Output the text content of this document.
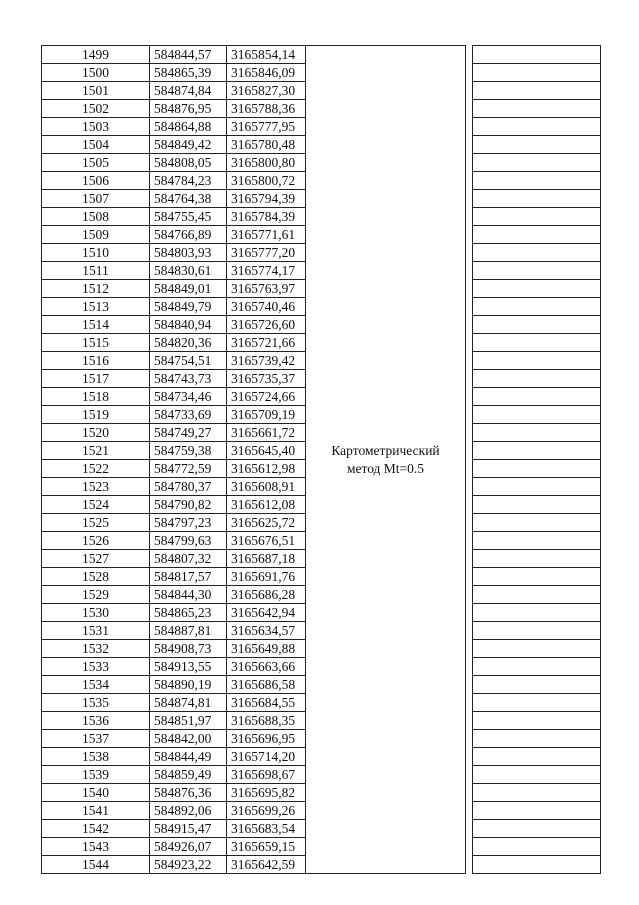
1499	584844,57	3165854,14	Картометрический
метод Mt=0.5		

1500	584865,39	3165846,09			
1501	584874,84	3165827,30			
1502	584876,95	3165788,36			
1503	584864,88	3165777,95			
1504	584849,42	3165780,48			
1505	584808,05	3165800,80			
1506	584784,23	3165800,72			
1507	584764,38	3165794,39			
1508	584755,45	3165784,39			
1509	584766,89	3165771,61			
1510	584803,93	3165777,20			
1511	584830,61	3165774,17			
1512	584849,01	3165763,97			
1513	584849,79	3165740,46			
1514	584840,94	3165726,60			
1515	584820,36	3165721,66			
1516	584754,51	3165739,42			
1517	584743,73	3165735,37			
1518	584734,46	3165724,66			
1519	584733,69	3165709,19			
1520	584749,27	3165661,72			
1521	584759,38	3165645,40			
1522	584772,59	3165612,98			
1523	584780,37	3165608,91			
1524	584790,82	3165612,08			
1525	584797,23	3165625,72			
1526	584799,63	3165676,51			
1527	584807,32	3165687,18			
1528	584817,57	3165691,76			
1529	584844,30	3165686,28			
1530	584865,23	3165642,94			
1531	584887,81	3165634,57			
1532	584908,73	3165649,88			
1533	584913,55	3165663,66			
1534	584890,19	3165686,58			
1535	584874,81	3165684,55			
1536	584851,97	3165688,35			
1537	584842,00	3165696,95			
1538	584844,49	3165714,20			
1539	584859,49	3165698,67			
1540	584876,36	3165695,82			
1541	584892,06	3165699,26			
1542	584915,47	3165683,54			
1543	584926,07	3165659,15			
1544	584923,22	3165642,59			
